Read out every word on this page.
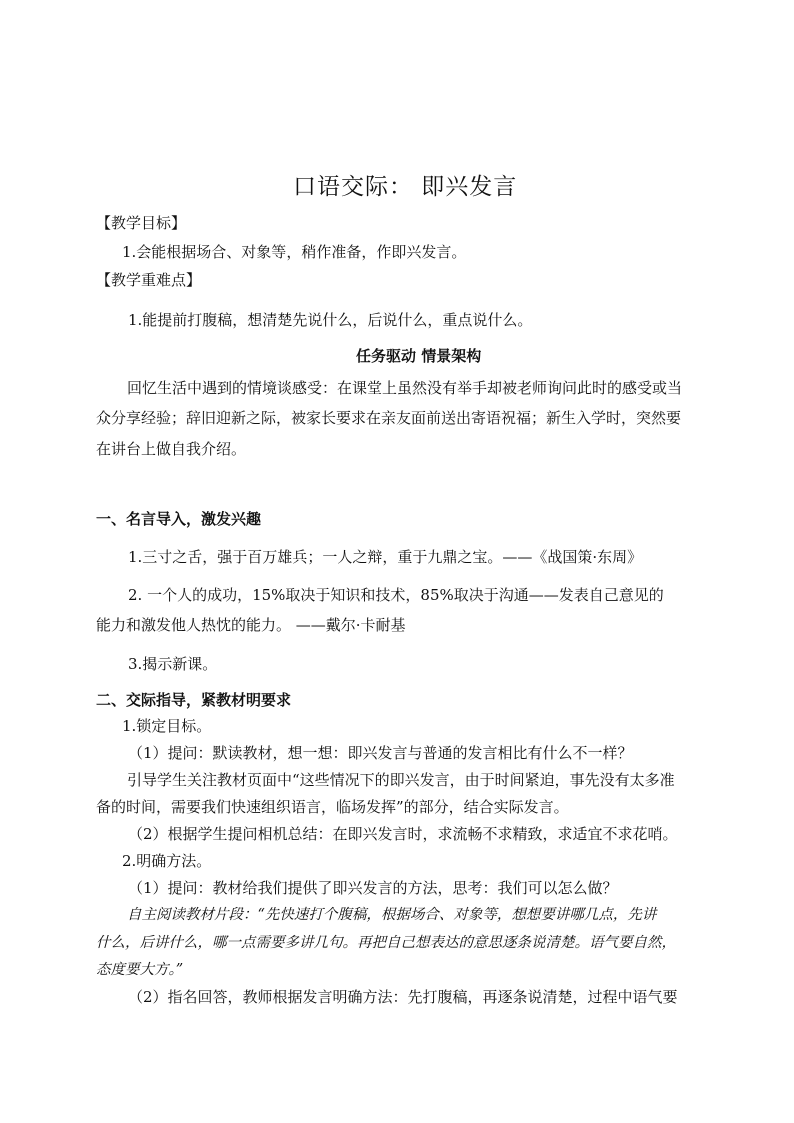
口语交际： 即兴发言
【教学目标】
1.会能根据场合、对象等，稍作准备，作即兴发言。
【教学重难点】
1.能提前打腹稿，想清楚先说什么，后说什么，重点说什么。
任务驱动 情景架构
回忆生活中遇到的情境谈感受：在课堂上虽然没有举手却被老师询问此时的感受或当
众分享经验；辞旧迎新之际，被家长要求在亲友面前送出寄语祝福；新生入学时，突然要
在讲台上做自我介绍。
一、名言导入，激发兴趣
1.三寸之舌，强于百万雄兵；一人之辩，重于九鼎之宝。——《战国策·东周》
2. 一个人的成功，15%取决于知识和技术，85%取决于沟通——发表自己意见的
能力和激发他人热忱的能力。 ——戴尔·卡耐基
3.揭示新课。
二、交际指导，紧教材明要求
1.锁定目标。
（1）提问：默读教材，想一想：即兴发言与普通的发言相比有什么不一样？
引导学生关注教材页面中“这些情况下的即兴发言，由于时间紧迫，事先没有太多准
备的时间，需要我们快速组织语言，临场发挥”的部分，结合实际发言。
（2）根据学生提问相机总结：在即兴发言时，求流畅不求精致，求适宜不求花哨。
2.明确方法。
（1）提问：教材给我们提供了即兴发言的方法，思考：我们可以怎么做？
自主阅读教材片段：“先快速打个腹稿，根据场合、对象等，想想要讲哪几点，先讲
什么，后讲什么，哪一点需要多讲几句。再把自己想表达的意思逐条说清楚。语气要自然，
态度要大方。”
（2）指名回答，教师根据发言明确方法：先打腹稿，再逐条说清楚，过程中语气要
